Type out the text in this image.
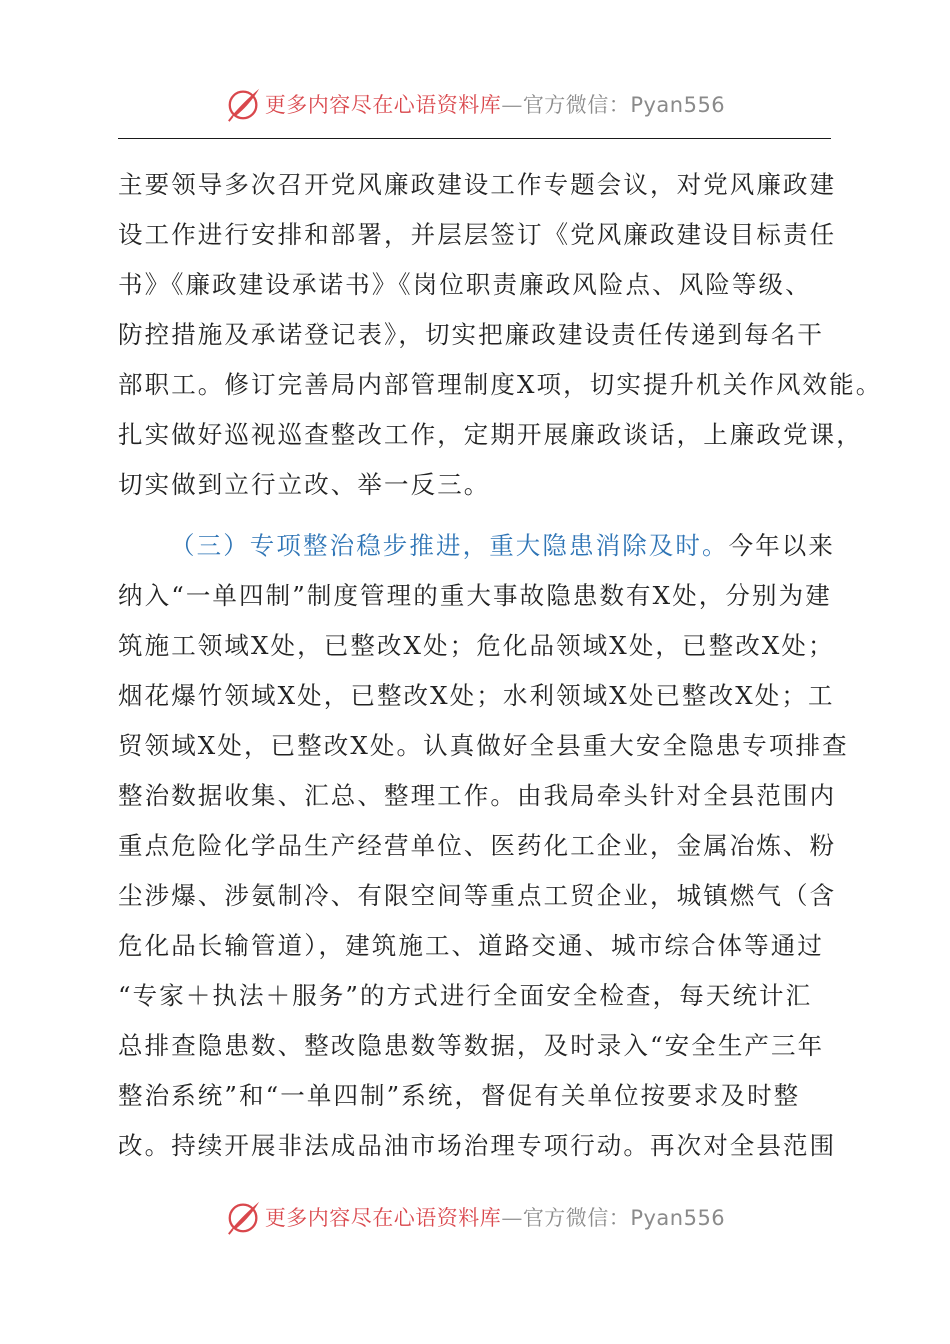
更多内容尽在心语资料库—官方微信：Pyan556
主要领导多次召开党风廉政建设工作专题会议，对党风廉政建
设工作进行安排和部署，并层层签订《党风廉政建设目标责任
书》《廉政建设承诺书》《岗位职责廉政风险点、风险等级、
防控措施及承诺登记表》，切实把廉政建设责任传递到每名干
部职工。修订完善局内部管理制度X项，切实提升机关作风效能。
扎实做好巡视巡查整改工作，定期开展廉政谈话，上廉政党课，
切实做到立行立改、举一反三。
（三）专项整治稳步推进，重大隐患消除及时。今年以来
纳入“一单四制”制度管理的重大事故隐患数有X处，分别为建
筑施工领域X处，已整改X处；危化品领域X处，已整改X处；
烟花爆竹领域X处，已整改X处；水利领域X处已整改X处；工
贸领域X处，已整改X处。认真做好全县重大安全隐患专项排查
整治数据收集、汇总、整理工作。由我局牵头针对全县范围内
重点危险化学品生产经营单位、医药化工企业，金属冶炼、粉
尘涉爆、涉氨制冷、有限空间等重点工贸企业，城镇燃气（含
危化品长输管道），建筑施工、道路交通、城市综合体等通过
“专家＋执法＋服务”的方式进行全面安全检查，每天统计汇
总排查隐患数、整改隐患数等数据，及时录入“安全生产三年
整治系统”和“一单四制”系统，督促有关单位按要求及时整
改。持续开展非法成品油市场治理专项行动。再次对全县范围
更多内容尽在心语资料库—官方微信：Pyan556
